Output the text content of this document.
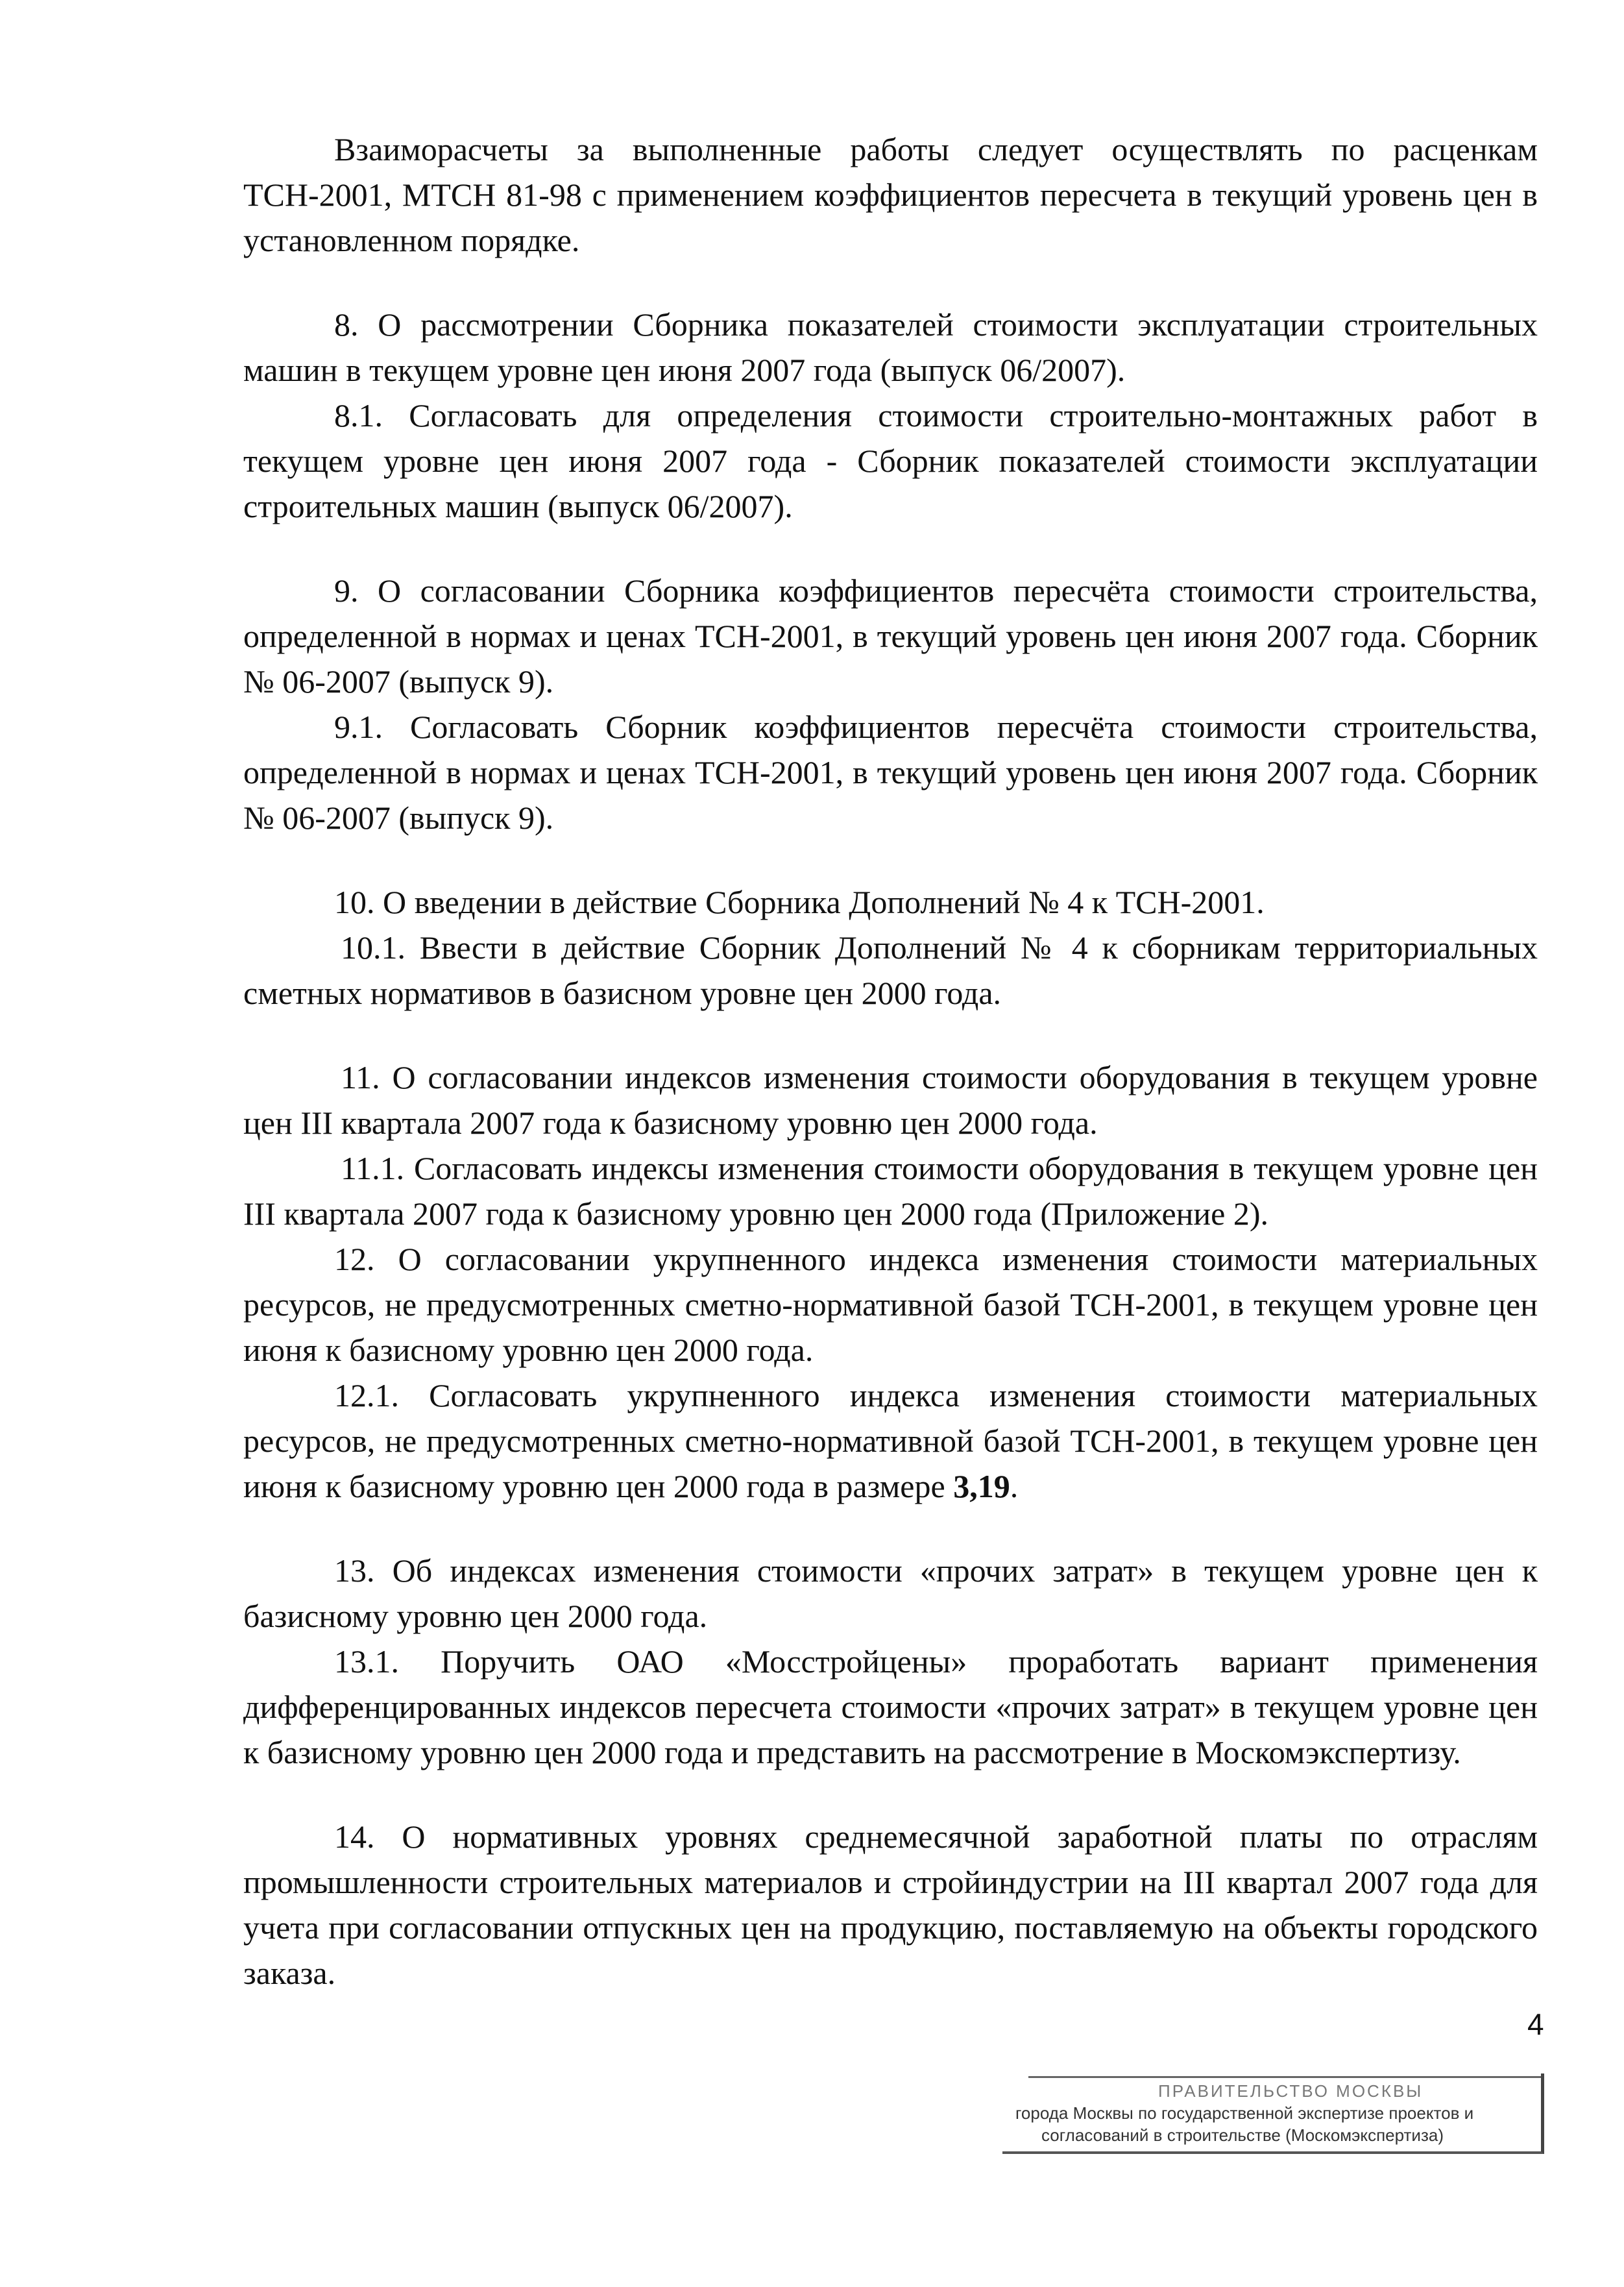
Взаиморасчеты за выполненные работы следует осуществлять по расценкам ТСН-2001, МТСН 81-98 с применением коэффициентов пересчета в текущий уровень цен в установленном порядке.

8. О рассмотрении Сборника показателей стоимости эксплуатации строительных машин в текущем уровне цен июня 2007 года (выпуск 06/2007).

8.1. Согласовать для определения стоимости строительно-монтажных работ в текущем уровне цен июня 2007 года - Сборник показателей стоимости эксплуатации строительных машин (выпуск 06/2007).

9. О согласовании Сборника коэффициентов пересчёта стоимости строительства, определенной в нормах и ценах ТСН-2001, в текущий уровень цен июня 2007 года. Сборник № 06-2007 (выпуск 9).

9.1. Согласовать Сборник коэффициентов пересчёта стоимости строительства, определенной в нормах и ценах ТСН-2001, в текущий уровень цен июня 2007 года. Сборник № 06-2007 (выпуск 9).

10. О введении в действие Сборника Дополнений № 4 к ТСН-2001.

10.1. Ввести в действие Сборник Дополнений № 4 к сборникам территориальных сметных нормативов в базисном уровне цен 2000 года.

11. О согласовании индексов изменения стоимости оборудования в текущем уровне цен III квартала 2007 года к базисному уровню цен 2000 года.

11.1. Согласовать индексы изменения стоимости оборудования в текущем уровне цен III квартала 2007 года к базисному уровню цен 2000 года (Приложение 2).

12. О согласовании укрупненного индекса изменения стоимости материальных ресурсов, не предусмотренных сметно-нормативной базой ТСН-2001, в текущем уровне цен июня к базисному уровню цен 2000 года.

12.1. Согласовать укрупненного индекса изменения стоимости материальных ресурсов, не предусмотренных сметно-нормативной базой ТСН-2001, в текущем уровне цен июня к базисному уровню цен 2000 года в размере 3,19.

13. Об индексах изменения стоимости «прочих затрат» в текущем уровне цен к базисному уровню цен 2000 года.

13.1. Поручить ОАО «Мосстройцены» проработать вариант применения дифференцированных индексов пересчета стоимости «прочих затрат» в текущем уровне цен к базисному уровню цен 2000 года и представить на рассмотрение в Москомэкспертизу.

14. О нормативных уровнях среднемесячной заработной платы по отраслям промышленности строительных материалов и стройиндустрии на III квартал 2007 года для учета при согласовании отпускных цен на продукцию, поставляемую на объекты городского заказа.

4
ПРАВИТЕЛЬСТВО МОСКВЫ
города Москвы по государственной экспертизе проектов и
согласований в строительстве (Москомэкспертиза)
